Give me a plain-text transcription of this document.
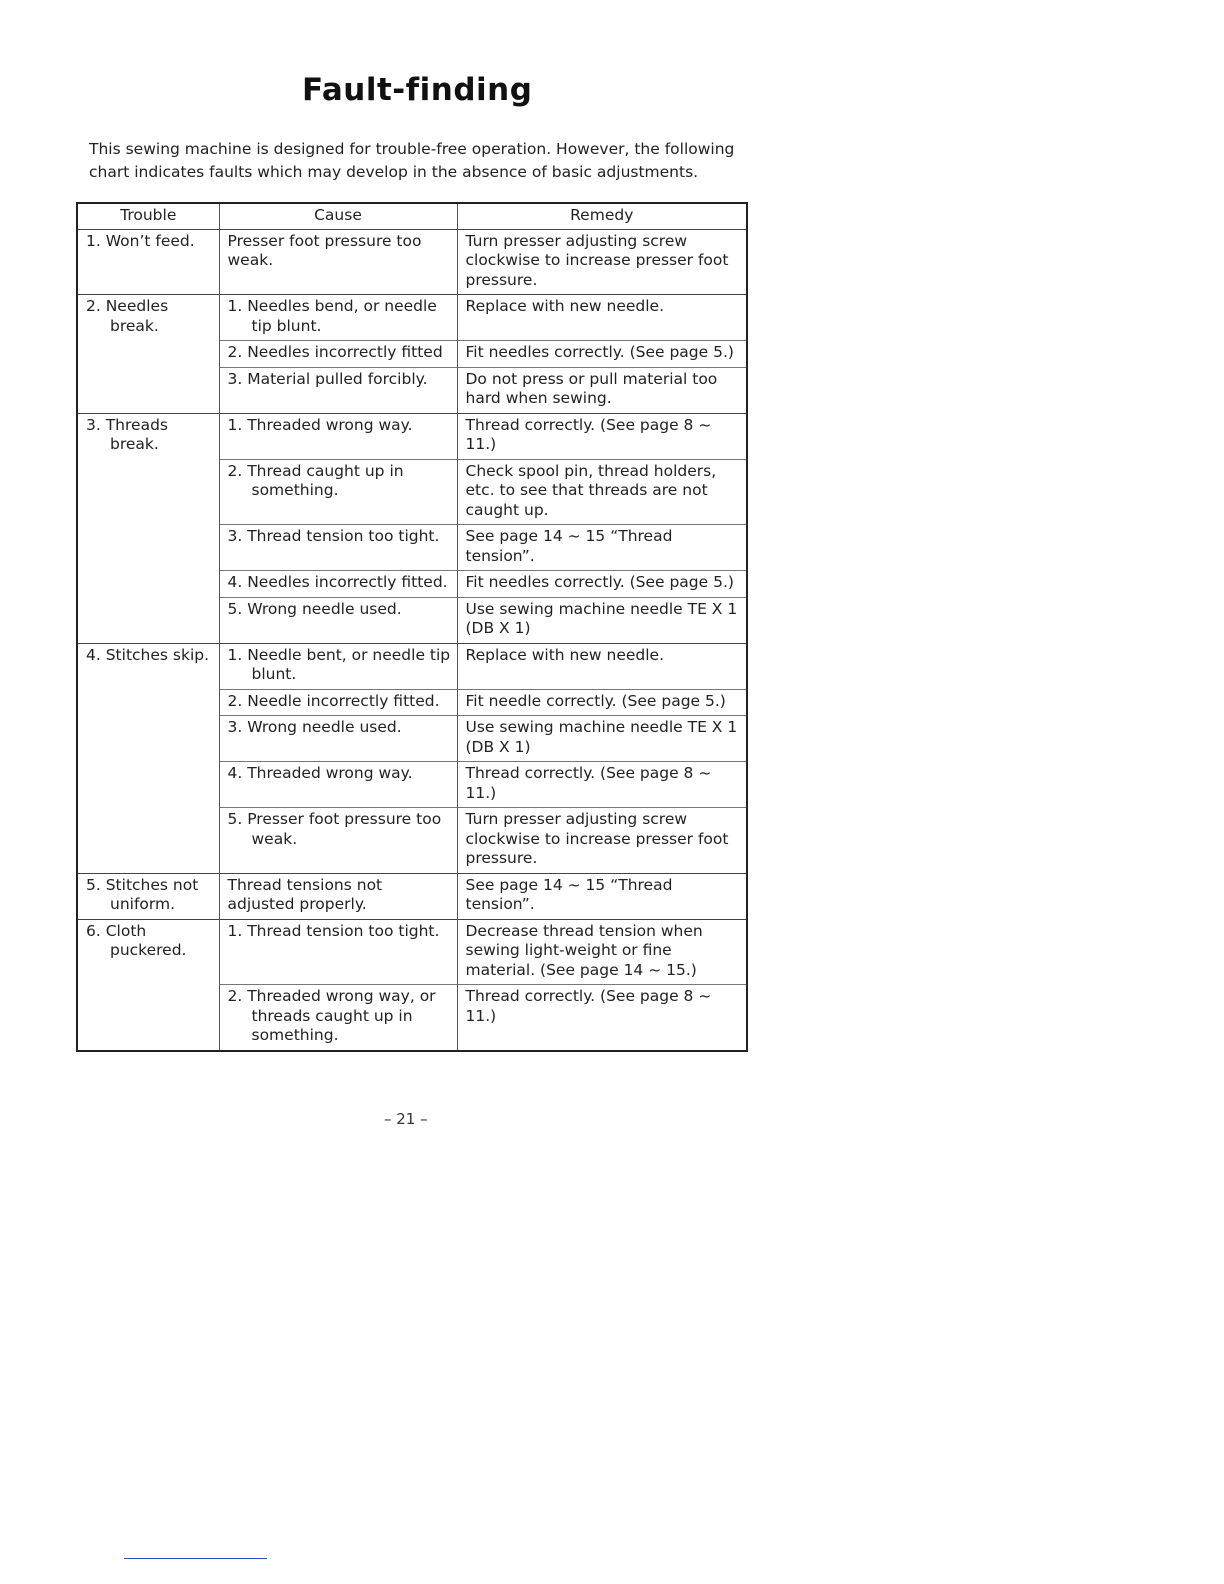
Fault-finding

This sewing machine is designed for trouble-free operation. However, the following chart indicates faults which may develop in the absence of basic adjustments.

Trouble	Cause	Remedy

1. Won’t feed.	Presser foot pressure too weak.	Turn presser adjusting screw clockwise to increase presser foot pressure.

2. Needles break.	1. Needles bend, or needle tip blunt.	Replace with new needle.

	2. Needles incorrectly fitted	Fit needles correctly. (See page 5.)

	3. Material pulled forcibly.	Do not press or pull material too hard when sewing.

3. Threads break.	1. Threaded wrong way.	Thread correctly. (See page 8 ~ 11.)

	2. Thread caught up in something.	Check spool pin, thread holders, etc. to see that threads are not caught up.

	3. Thread tension too tight.	See page 14 ~ 15 “Thread tension”.

	4. Needles incorrectly fitted.	Fit needles correctly. (See page 5.)

	5. Wrong needle used.	Use sewing machine needle TE X 1 (DB X 1)

4. Stitches skip.	1. Needle bent, or needle tip blunt.	Replace with new needle.

	2. Needle incorrectly fitted.	Fit needle correctly. (See page 5.)

	3. Wrong needle used.	Use sewing machine needle TE X 1 (DB X 1)

	4. Threaded wrong way.	Thread correctly. (See page 8 ~ 11.)

	5. Presser foot pressure too weak.	Turn presser adjusting screw clockwise to increase presser foot pressure.

5. Stitches not uniform.	Thread tensions not adjusted properly.	See page 14 ~ 15 “Thread tension”.

6. Cloth puckered.	1. Thread tension too tight.	Decrease thread tension when sewing light-weight or fine material. (See page 14 ~ 15.)

	2. Threaded wrong way, or threads caught up in something.	Thread correctly. (See page 8 ~ 11.)

– 21 –
